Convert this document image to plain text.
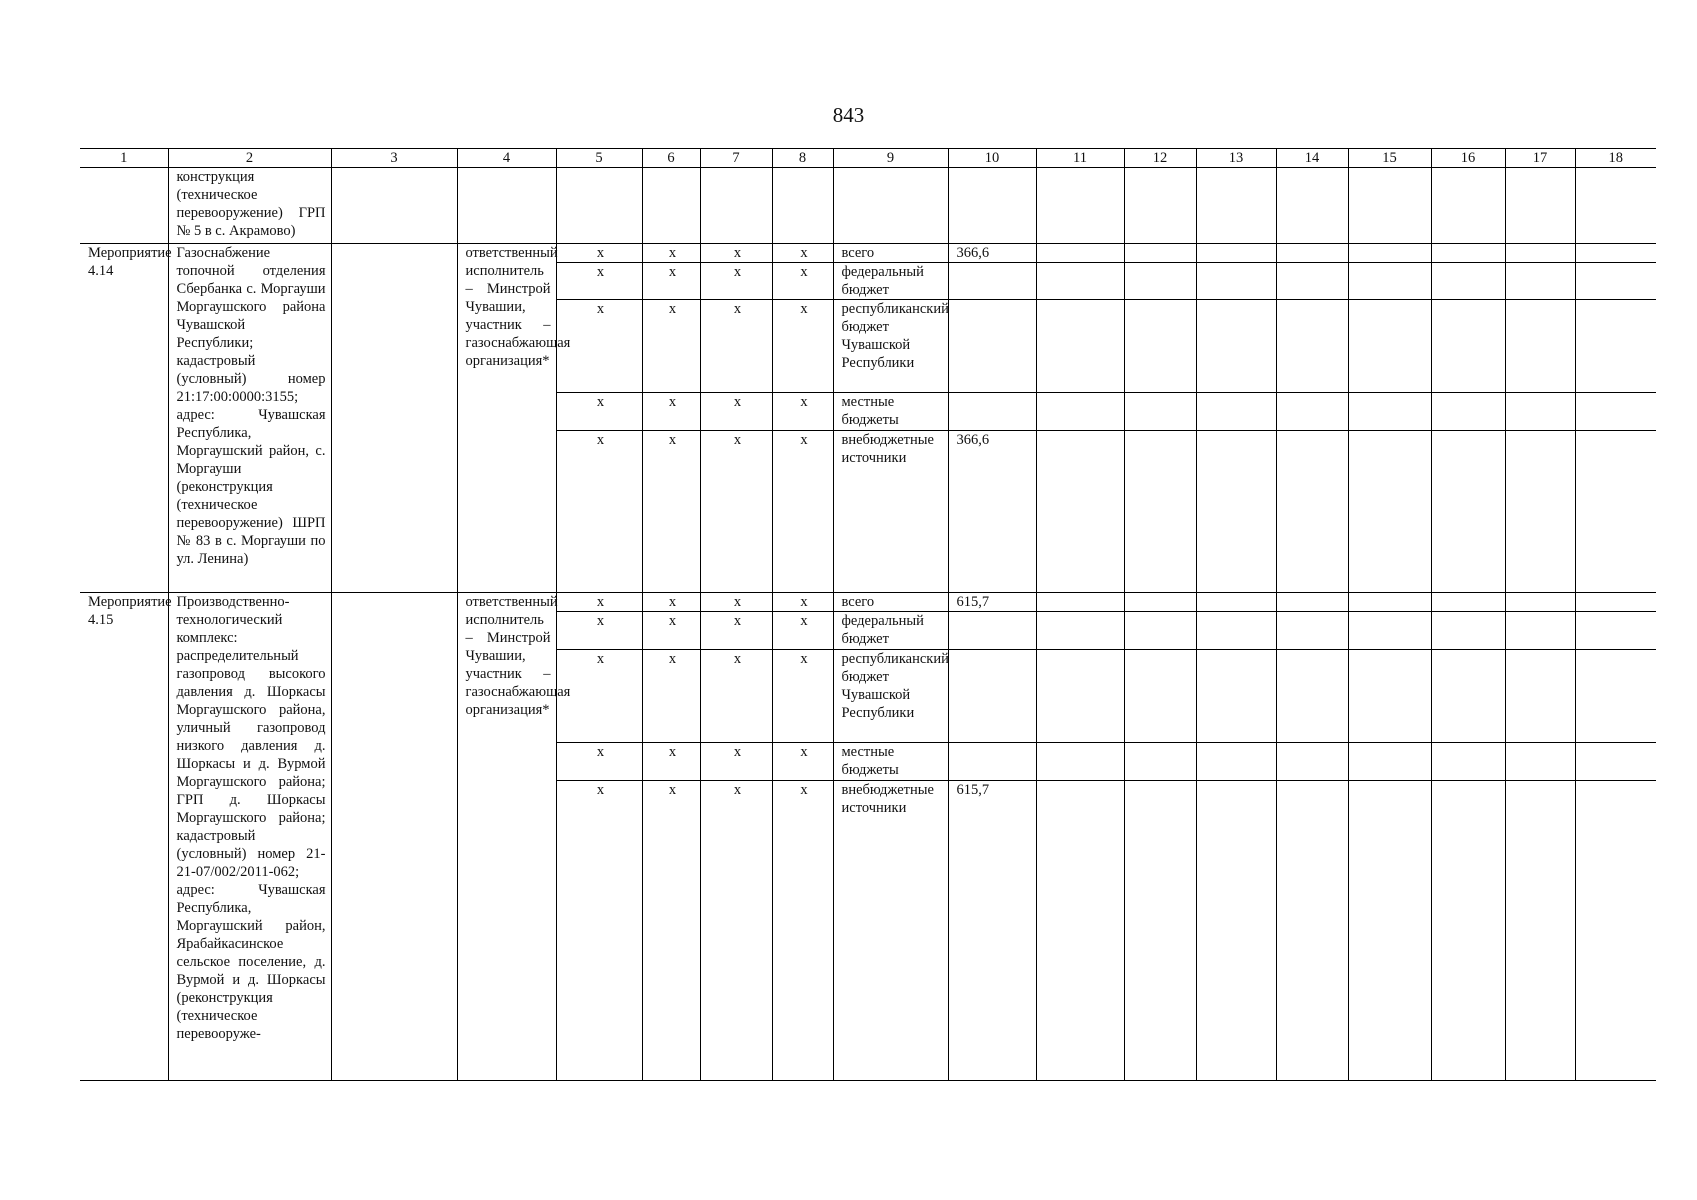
843
1	2	3	4	5	6	7	8	9	10	11	12	13	14	15	16	17	18
	конструкция (техническое перевооружение) ГРП № 5 в с. Акрамово)																
Мероприятие 4.14	Газоснабжение топочной отделения Сбербанка с. Моргауши Моргаушского района Чувашской Республики; кадастровый (условный) номер 21:17:00:0000:3155; адрес: Чувашская Республика, Моргаушский район, с. Моргауши (реконструкция (техническое перевооружение) ШРП № 83 в с. Моргауши по ул. Ленина)		ответственный исполнитель – Минстрой Чувашии, участник – газоснабжающая организация*	х	х	х	х	всего	366,6								
				х	х	х	х	федеральный бюджет									
				х	х	х	х	республиканский бюджет Чувашской Республики									
				х	х	х	х	местные бюджеты									
				х	х	х	х	внебюджетные источники	366,6								
Мероприятие 4.15	Производственно-технологический комплекс: распределительный газопровод высокого давления д. Шоркасы Моргаушского района, уличный газопровод низкого давления д. Шоркасы и д. Вурмой Моргаушского района; ГРП д. Шоркасы Моргаушского района; кадастровый (условный) номер 21-21-07/002/2011-062; адрес: Чувашская Республика, Моргаушский район, Ярабайкасинское сельское поселение, д. Вурмой и д. Шоркасы (реконструкция (техническое перевооруже-		ответственный исполнитель – Минстрой Чувашии, участник – газоснабжающая организация*	х	х	х	х	всего	615,7								
				х	х	х	х	федеральный бюджет									
				х	х	х	х	республиканский бюджет Чувашской Республики									
				х	х	х	х	местные бюджеты									
				х	х	х	х	внебюджетные источники	615,7								
